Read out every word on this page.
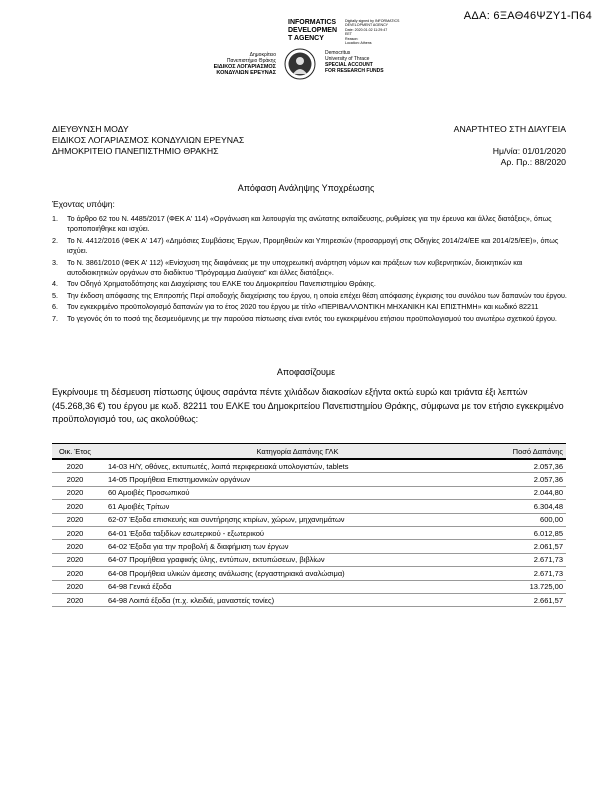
ΑΔΑ: 6ΞΑΘ46ΨΖΥ1-Π64
INFORMATICS
DEVELOPMEN
T AGENCY
Digitally signed by INFORMATICS
DEVELOPMENT AGENCY
Date: 2020.01.02 11:29:47
EET
Reason:
Location: Athens
Δημοκρίτειο
Πανεπιστήμιο Θράκης
ΕΙΔΙΚΟΣ ΛΟΓΑΡΙΑΣΜΟΣ
ΚΟΝΔΥΛΙΩΝ ΕΡΕΥΝΑΣ
Democritus
University of Thrace
SPECIAL ACCOUNT
FOR RESEARCH FUNDS
ΔΙΕΥΘΥΝΣΗ ΜΟΔΥ
ΕΙΔΙΚΟΣ ΛΟΓΑΡΙΑΣΜΟΣ ΚΟΝΔΥΛΙΩΝ ΕΡΕΥΝΑΣ
ΔΗΜΟΚΡΙΤΕΙΟ ΠΑΝΕΠΙΣΤΗΜΙΟ ΘΡΑΚΗΣ
ΑΝΑΡΤΗΤΕΟ ΣΤΗ ΔΙΑΥΓΕΙΑ
Ημ/νία: 01/01/2020
Αρ. Πρ.: 88/2020
Απόφαση Ανάληψης Υποχρέωσης
Έχοντας υπόψη:
1. Το άρθρο 62 του Ν. 4485/2017 (ΦΕΚ Α' 114) «Οργάνωση και λειτουργία της ανώτατης εκπαίδευσης, ρυθμίσεις για την έρευνα και άλλες διατάξεις», όπως τροποποιήθηκε και ισχύει.
2. Το Ν. 4412/2016 (ΦΕΚ Α' 147) «Δημόσιες Συμβάσεις Έργων, Προμηθειών και Υπηρεσιών (προσαρμογή στις Οδηγίες 2014/24/ΕΕ και 2014/25/ΕΕ)», όπως ισχύει.
3. Το Ν. 3861/2010 (ΦΕΚ Α' 112) «Ενίσχυση της διαφάνειας με την υποχρεωτική ανάρτηση νόμων και πράξεων των κυβερνητικών, διοικητικών και αυτοδιοικητικών οργάνων στο διαδίκτυο "Πρόγραμμα Διαύγεια" και άλλες διατάξεις».
4. Τον Οδηγό Χρηματοδότησης και Διαχείρισης του ΕΛΚΕ του Δημοκριτείου Πανεπιστημίου Θράκης.
5. Την έκδοση απόφασης της Επιτροπής Περί αποδοχής διαχείρισης του έργου, η οποία επέχει θέση απόφασης έγκρισης του συνόλου των δαπανών του έργου.
6. Τον εγκεκριμένο προϋπολογισμό δαπανών για το έτος 2020 του έργου με τίτλο «ΠΕΡΙΒΑΛΛΟΝΤΙΚΗ ΜΗΧΑΝΙΚΗ ΚΑΙ ΕΠΙΣΤΗΜΗ» και κωδικό 82211
7. Το γεγονός ότι το ποσό της δεσμευόμενης με την παρούσα πίστωσης είναι εντός του εγκεκριμένου ετήσιου προϋπολογισμού του ανωτέρω σχετικού έργου.
Αποφασίζουμε
Εγκρίνουμε τη δέσμευση πίστωσης ύψους σαράντα πέντε χιλιάδων διακοσίων εξήντα οκτώ ευρώ και τριάντα έξι λεπτών (45.268,36 €) του έργου με κωδ. 82211 του ΕΛΚΕ του Δημοκριτείου Πανεπιστημίου Θράκης, σύμφωνα με τον ετήσιο εγκεκριμένο προϋπολογισμό του, ως ακολούθως:
Οικ. Έτος	Κατηγορία Δαπάνης ΓΛΚ	Ποσό Δαπάνης
2020	14-03 Η/Υ, οθόνες, εκτυπωτές, λοιπά περιφερειακά υπολογιστών, tablets	2.057,36
2020	14-05 Προμήθεια Επιστημονικών οργάνων	2.057,36
2020	60 Αμοιβές Προσωπικού	2.044,80
2020	61 Αμοιβές Τρίτων	6.304,48
2020	62-07 Έξοδα επισκευής και συντήρησης κτιρίων, χώρων, μηχανημάτων	600,00
2020	64-01 Έξοδα ταξιδίων εσωτερικού - εξωτερικού	6.012,85
2020	64-02 Έξοδα για την προβολή & διαφήμιση των έργων	2.061,57
2020	64-07 Προμήθεια γραφικής ύλης, εντύπων, εκτυπώσεων, βιβλίων	2.671,73
2020	64-08 Προμήθεια υλικών άμεσης ανάλωσης (εργαστηριακά αναλώσιμα)	2.671,73
2020	64-98 Γενικά έξοδα	13.725,00
2020	64-98 Λοιπά έξοδα (π.χ. κλειδιά, μαναστείς τονίες)	2.661,57
